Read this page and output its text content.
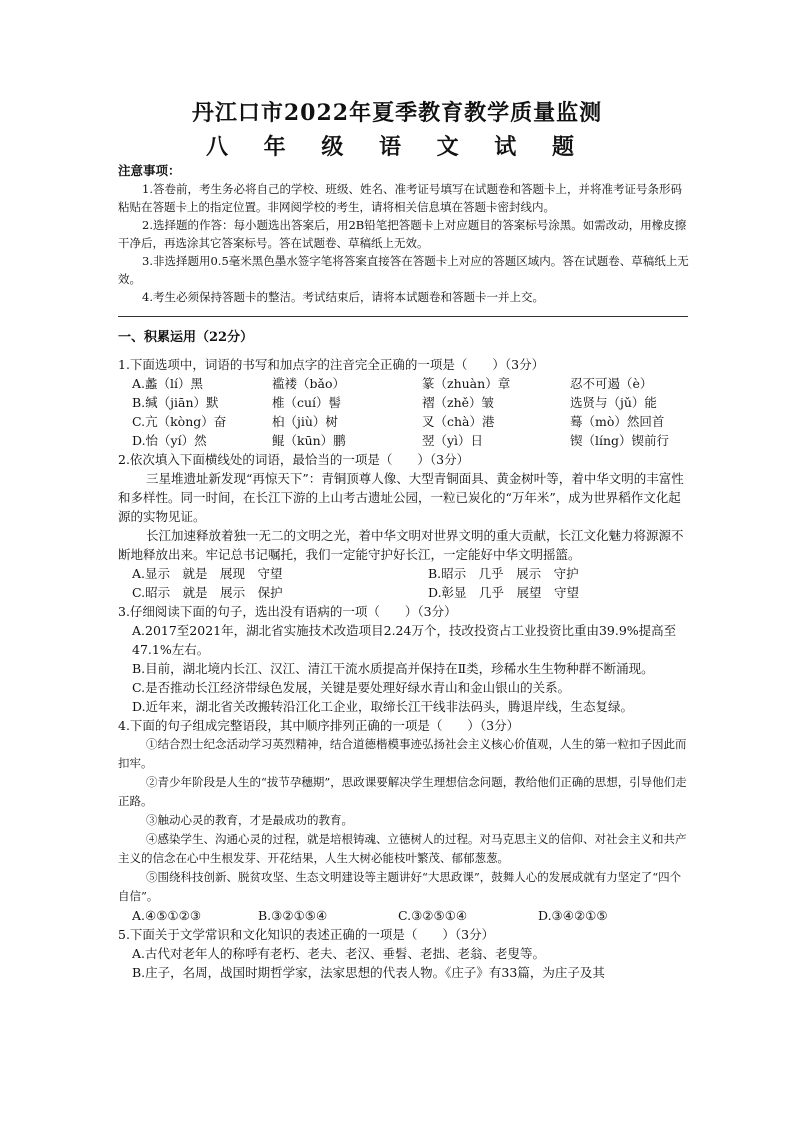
丹江口市2022年夏季教育教学质量监测
八 年 级 语 文 试 题
注意事项：

1.答卷前，考生务必将自己的学校、班级、姓名、准考证号填写在试题卷和答题卡上，并将准考证号条形码粘贴在答题卡上的指定位置。非网阅学校的考生，请将相关信息填在答题卡密封线内。

2.选择题的作答：每小题选出答案后，用2B铅笔把答题卡上对应题目的答案标号涂黑。如需改动，用橡皮擦干净后，再选涂其它答案标号。答在试题卷、草稿纸上无效。

3.非选择题用0.5毫米黑色墨水签字笔将答案直接答在答题卡上对应的答题区域内。答在试题卷、草稿纸上无效。

4.考生必须保持答题卡的整洁。考试结束后，请将本试题卷和答题卡一并上交。

一、积累运用（22分）

1.下面选项中，词语的书写和加点字的注音完全正确的一项是（　　）（3分）

A.蠡（lí）黑	褴褛（bǎo）	篆（zhuàn）章	忍不可遏（è）
B.缄（jiān）默	椎（cuí）髻	褶（zhě）皱	选贤与（jǔ）能
C.亢（kòng）奋	桕（jiù）树	叉（chà）港	蓦（mò）然回首
D.怡（yí）然	鲲（kūn）鹏	翌（yì）日	锲（líng）锲前行

2.依次填入下面横线处的词语，最恰当的一项是（　　）（3分）

三星堆遗址新发现“再惊天下”：青铜顶尊人像、大型青铜面具、黄金树叶等，着中华文明的丰富性和多样性。同一时间，在长江下游的上山考古遗址公园，一粒已炭化的“万年米”，成为世界稻作文化起源的实物见证。

长江加速释放着独一无二的文明之光，着中华文明对世界文明的重大贡献，长江文化魅力将源源不断地释放出来。牢记总书记嘱托，我们一定能守护好长江，一定能好中华文明摇篮。

A.显示　就是　展现　守望	B.昭示　几乎　展示　守护
C.昭示　就是　展示　保护	D.彰显　几乎　展望　守望

3.仔细阅读下面的句子，选出没有语病的一项（　　）（3分）

A.2017至2021年，湖北省实施技术改造项目2.24万个，技改投资占工业投资比重由39.9%提高至47.1%左右。

B.目前，湖北境内长江、汉江、清江干流水质提高并保持在Ⅱ类，珍稀水生生物种群不断涌现。

C.是否推动长江经济带绿色发展，关键是要处理好绿水青山和金山银山的关系。

D.近年来，湖北省关改搬转沿江化工企业，取缔长江干线非法码头，腾退岸线，生态复绿。

4.下面的句子组成完整语段，其中顺序排列正确的一项是（　　）（3分）

①结合烈士纪念活动学习英烈精神，结合道德楷模事迹弘扬社会主义核心价值观，人生的第一粒扣子因此而扣牢。

②青少年阶段是人生的“拔节孕穗期”，思政课要解决学生理想信念问题，教给他们正确的思想，引导他们走正路。

③触动心灵的教育，才是最成功的教育。

④感染学生、沟通心灵的过程，就是培根铸魂、立德树人的过程。对马克思主义的信仰、对社会主义和共产主义的信念在心中生根发芽、开花结果，人生大树必能枝叶繁茂、郁郁葱葱。

⑤围绕科技创新、脱贫攻坚、生态文明建设等主题讲好“大思政课”，鼓舞人心的发展成就有力坚定了“四个自信”。

A.④⑤①②③	B.③②①⑤④	C.③②⑤①④	D.③④②①⑤

5.下面关于文学常识和文化知识的表述正确的一项是（　　）（3分）

A.古代对老年人的称呼有老朽、老夫、老汉、垂髫、老拙、老翁、老叟等。

B.庄子，名周，战国时期哲学家，法家思想的代表人物。《庄子》有33篇，为庄子及其
